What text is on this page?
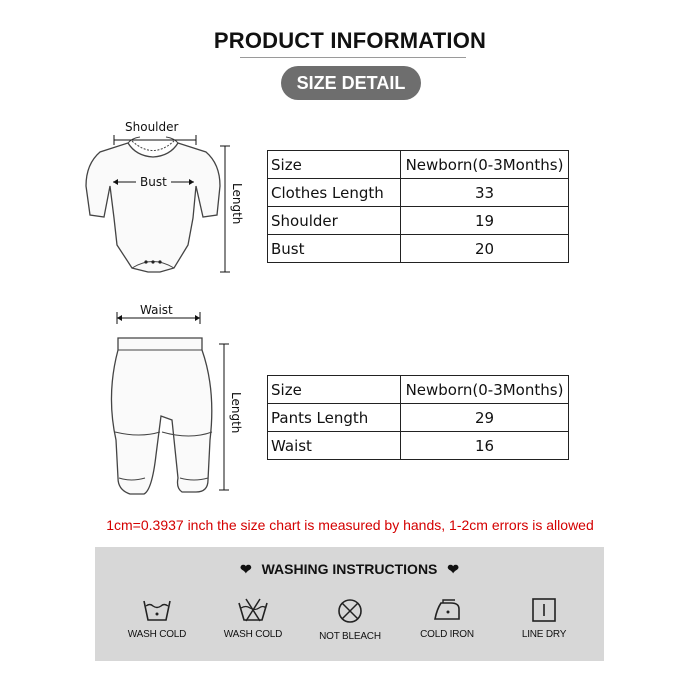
PRODUCT INFORMATION
SIZE DETAIL
Shoulder
Bust
Length
Waist
Length
Size	Newborn(0-3Months)
Clothes Length	33
Shoulder	19
Bust	20
Size	Newborn(0-3Months)
Pants Length	29
Waist	16
1cm=0.3937 inch the size chart is measured by hands, 1-2cm errors is allowed
❤ WASHING INSTRUCTIONS ❤
WASH COLD	WASH COLD	NOT BLEACH	COLD IRON	LINE DRY
